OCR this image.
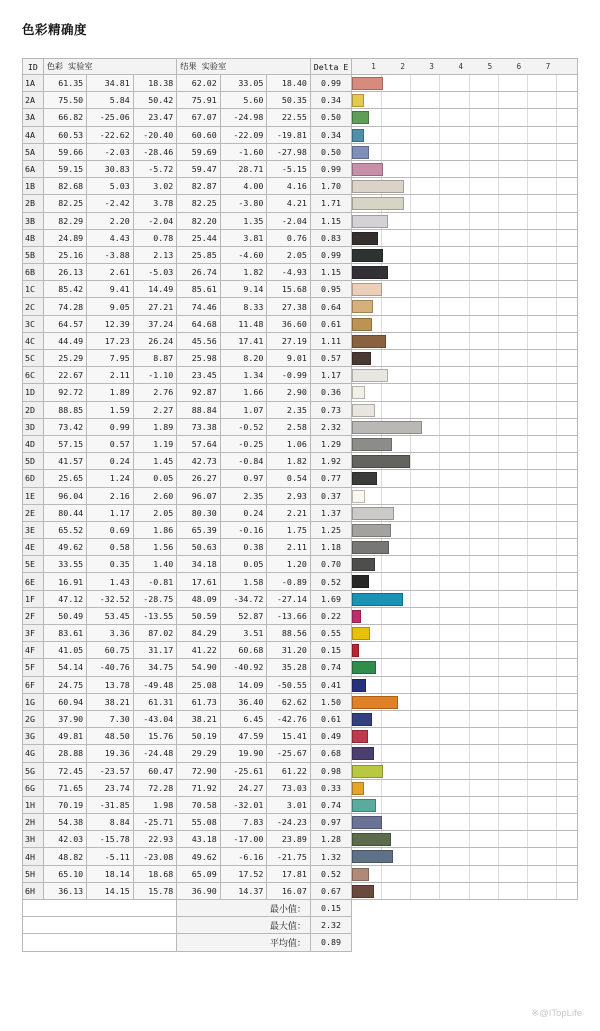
色彩精确度
ID	色彩 实验室	结果 实验室	Delta E	1	2	3	4	5	6	7

1A	61.35	34.81	18.38	62.02	33.05	18.40	0.99	

2A	75.50	5.84	50.42	75.91	5.60	50.35	0.34	

3A	66.82	-25.06	23.47	67.07	-24.98	22.55	0.50	

4A	60.53	-22.62	-20.40	60.60	-22.09	-19.81	0.34	

5A	59.66	-2.03	-28.46	59.69	-1.60	-27.98	0.50	

6A	59.15	30.83	-5.72	59.47	28.71	-5.15	0.99	

1B	82.68	5.03	3.02	82.87	4.00	4.16	1.70	

2B	82.25	-2.42	3.78	82.25	-3.80	4.21	1.71	

3B	82.29	2.20	-2.04	82.20	1.35	-2.04	1.15	

4B	24.89	4.43	0.78	25.44	3.81	0.76	0.83	

5B	25.16	-3.88	2.13	25.85	-4.60	2.05	0.99	

6B	26.13	2.61	-5.03	26.74	1.82	-4.93	1.15	

1C	85.42	9.41	14.49	85.61	9.14	15.68	0.95	

2C	74.28	9.05	27.21	74.46	8.33	27.38	0.64	

3C	64.57	12.39	37.24	64.68	11.48	36.60	0.61	

4C	44.49	17.23	26.24	45.56	17.41	27.19	1.11	

5C	25.29	7.95	8.87	25.98	8.20	9.01	0.57	

6C	22.67	2.11	-1.10	23.45	1.34	-0.99	1.17	

1D	92.72	1.89	2.76	92.87	1.66	2.90	0.36	

2D	88.85	1.59	2.27	88.84	1.07	2.35	0.73	

3D	73.42	0.99	1.89	73.38	-0.52	2.58	2.32	

4D	57.15	0.57	1.19	57.64	-0.25	1.06	1.29	

5D	41.57	0.24	1.45	42.73	-0.84	1.82	1.92	

6D	25.65	1.24	0.05	26.27	0.97	0.54	0.77	

1E	96.04	2.16	2.60	96.07	2.35	2.93	0.37	

2E	80.44	1.17	2.05	80.30	0.24	2.21	1.37	

3E	65.52	0.69	1.86	65.39	-0.16	1.75	1.25	

4E	49.62	0.58	1.56	50.63	0.38	2.11	1.18	

5E	33.55	0.35	1.40	34.18	0.05	1.20	0.70	

6E	16.91	1.43	-0.81	17.61	1.58	-0.89	0.52	

1F	47.12	-32.52	-28.75	48.09	-34.72	-27.14	1.69	

2F	50.49	53.45	-13.55	50.59	52.87	-13.66	0.22	

3F	83.61	3.36	87.02	84.29	3.51	88.56	0.55	

4F	41.05	60.75	31.17	41.22	60.68	31.20	0.15	

5F	54.14	-40.76	34.75	54.90	-40.92	35.28	0.74	

6F	24.75	13.78	-49.48	25.08	14.09	-50.55	0.41	

1G	60.94	38.21	61.31	61.73	36.40	62.62	1.50	

2G	37.90	7.30	-43.04	38.21	6.45	-42.76	0.61	

3G	49.81	48.50	15.76	50.19	47.59	15.41	0.49	

4G	28.88	19.36	-24.48	29.29	19.90	-25.67	0.68	

5G	72.45	-23.57	60.47	72.90	-25.61	61.22	0.98	

6G	71.65	23.74	72.28	71.92	24.27	73.03	0.33	

1H	70.19	-31.85	1.98	70.58	-32.01	3.01	0.74	

2H	54.38	8.84	-25.71	55.08	7.83	-24.23	0.97	

3H	42.03	-15.78	22.93	43.18	-17.00	23.89	1.28	

4H	48.82	-5.11	-23.08	49.62	-6.16	-21.75	1.32	

5H	65.10	18.14	18.68	65.09	17.52	17.81	0.52	

6H	36.13	14.15	15.78	36.90	14.37	16.07	0.67	

				最小值：			0.15	
				最大值：			2.32	
				平均值：			0.89	
※@ITopLife
